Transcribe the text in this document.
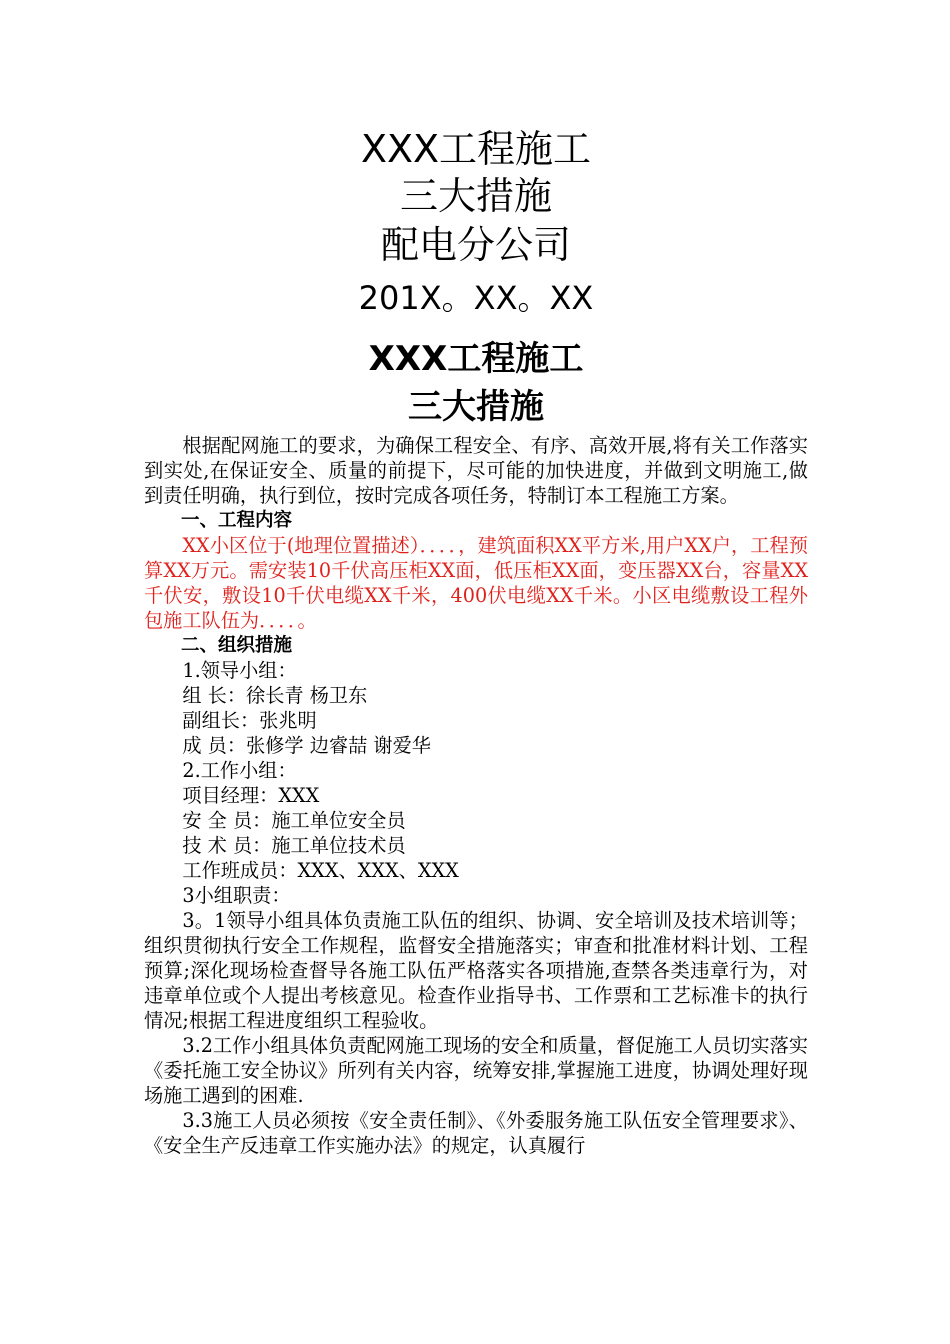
XXX工程施工

三大措施

配电分公司

201X。XX。XX

XXX工程施工

三大措施

根据配网施工的要求，为确保工程安全、有序、高效开展,将有关工作落实到实处,在保证安全、质量的前提下，尽可能的加快进度，并做到文明施工,做到责任明确，执行到位，按时完成各项任务，特制订本工程施工方案。

一、工程内容

XX小区位于(地理位置描述）．．．．，建筑面积XX平方米,用户XX户，工程预算XX万元。需安装10千伏高压柜XX面，低压柜XX面，变压器XX台，容量XX千伏安，敷设10千伏电缆XX千米，400伏电缆XX千米。小区电缆敷设工程外包施工队伍为．．．．。

二、组织措施

1.领导小组：

组 长：徐长青 杨卫东

副组长：张兆明

成 员：张修学 边睿喆 谢爱华

2.工作小组：

项目经理：XXX

安 全 员：施工单位安全员

技 术 员：施工单位技术员

工作班成员：XXX、XXX、XXX

3小组职责：

3。1领导小组具体负责施工队伍的组织、协调、安全培训及技术培训等；组织贯彻执行安全工作规程，监督安全措施落实；审查和批准材料计划、工程预算;深化现场检查督导各施工队伍严格落实各项措施,查禁各类违章行为，对违章单位或个人提出考核意见。检查作业指导书、工作票和工艺标准卡的执行情况;根据工程进度组织工程验收。

3.2工作小组具体负责配网施工现场的安全和质量，督促施工人员切实落实《委托施工安全协议》所列有关内容，统筹安排,掌握施工进度，协调处理好现场施工遇到的困难.

3.3施工人员必须按《安全责任制》、《外委服务施工队伍安全管理要求》、《安全生产反违章工作实施办法》的规定，认真履行
